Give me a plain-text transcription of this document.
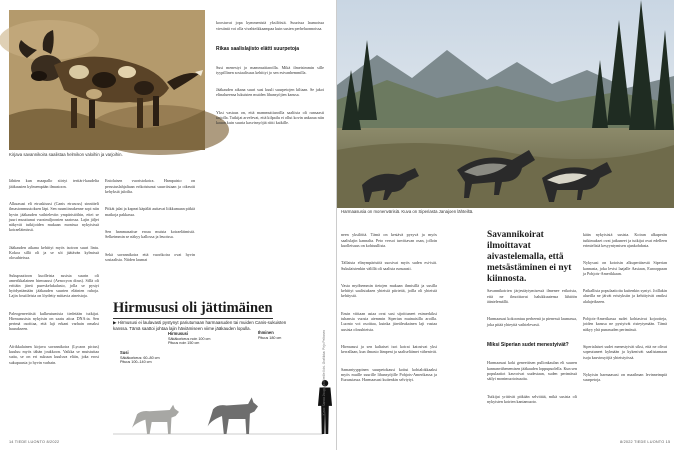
Kirjava savannikoira saalistaa helmikon valoihin ja varjoihin.

lähtien kun maapallo siirtyi tertiäri-kaudelta jääkausien kylmempään ilmastoon.

Alkuasusi eli etruskisusi (Canis etruscus) sinnitteli ilmastonmuutoksen läpi. Sen ruumiinrakenne sopi niin hyvin jääkauden vaihteleviin ympäristöihin, ettei se juuri muuttunut vuosimiljoonien saatossa. Lajin jäljet näkyvät tutkijoiden mukaan monissa nykyisissä koiraeläimissä.

Jääkauden aikana kehittyi myös isoiron suuri lintu. Kokoa sillä oli ja se söi jäätävän kylmissä olosuhteissa.

Sukupuuttoon kuolleista susista suurin oli amerikkalainen hirmususi (Aenocyon dirus). Sillä oli erittäin järeä pureskelukalusto, jolla se pystyi hyödyntämään jääkauden suurten eläinten ruhoja. Lajin fossiileista on löydetty mittavia aineistoja.

Paleogeneettisiä kulkeutumisia tiedetään tutkijat. Hirmususista nykyisin on saatu aitoa DNA:ta. Sen perimä osoittaa, että laji erkani varhain omaksi haarakseen.

Afrikkalainen kirjava savannikoira (Lycaon pictus) kuuluu myös tähän joukkoon. Vaikka se muistuttaa sutta, se on eri sukuun kuuluva eläin, joka erosi sukupuusta jo hyvin varhain.

Eniolaisen vuoristokoira. Hampaisto on perustuslahjaltaan erikoistunut suurriistaan ja oikeutti kehyksiä jaloilta.

Pitkät jalat ja kapeat käpälät auttavat liikkumaan pitkiä matkoja pakkassa.

Sen hammasaitue eroaa muista koiraeläimistä. Selkeimmin se näkyy kallossa ja leuoissa.

Sekä savannikoira että vuorikoira ovat hyvin sosiaalisia. Niiden laumat

koostuvat jopa kymmenistä yksilöistä. Suurissa laumoissa viestintä voi olla vivahteikkaampaa kuin susien perheluonnoissa.

Rikas saalislajisto elätti suurpetoja

Susi menestyi jo mammuttiaroilla. Mikä ilmeisimmin sille tyypillinen sosiaalisuus kehittyi jo sen esivanhemmilla.

Jääkauden aikana suuri susi kuuli suurpetojen kiltaan. Se jakoi elinalueensa lukuisten muiden lihansyöjien kanssa.

Yksi vastaus on, että mammuttiaroilla saaliista oli runsaasti tarjolla. Tutkijat arvelevat, että kilpailu ei ollut kovin ankaraa niin kauan kuin suuria kasvinsyöjiä riitti kaikille.

Hirmususi oli jättimäinen
▶ Hirmususi ei laulavasti pystynyt pariutumaan harmaasuden tai muiden Canis-sukuisten kanssa. Tämä saattoi johtaa lajin häviämiseen viime jääkauden lopulla.
Susi
Säkäkorkeus: 60–80 cm
Pituus 100–140 cm
Hirmususi
Säkäkorkeus noin 100 cm
Pituus noin 150 cm
Ihminen
Pituus 180 cm	Kuva: Sanna Jouppi ja Mireille Ilchi. Grafiikka: Pirjo Peltonen
14 TIEDE LUONTO 8/2022
Harmaasusia on monenvärisiä. Kuva on Siperiasta Janajoen lähteiltä.

neen yksilöitä. Tämä on kestävä pysyvä ja myös saalislajin kannalta. Peto versoi tarvittavan osan, jolloin kuolleisuus on kohtuullista.

Tällaista elinympäristöä suosivat myös suden esi-isät. Sukulaistenkin välillä oli saalista runsaasti.

Vasta myöhemmin tietojen mukaan ihmisillä ja susilla kehittyi saalistuksen yhteisiä piirteitä, joilla oli yhteistä kehitystä.

Ensin viittaan asiaa ovat susi sijoittuneet esimerkiksi tuhansia vuosia aiemmin Siperian muinaisilla aroilla. Luonto voi osoittaa, kuinka järeäleukainen laji vastaa uusista olosuhteista.

Hirmususi ja sen kaltaiset isot koirat katosivat yksi kerrallaan, kun ilmasto lämpeni ja saaliseläimet vähenivät.

Samantyyppinen suurpetokausi koitui kohtalokkaaksi myös muille suurille lihansyöjille Pohjois-Amerikassa ja Euraasiassa. Harmaasusi kuitenkin selviytyi.

Savannikoirat ilmoittavat aivastelemalla, että metsästäminen ei nyt kiinnosta.

Savannikoirien järjestäytymisessä ilmenee erikoista, että ne ilmoittavat halukkuutensa lähtöön ääntelemällä.

Harmaasusi kokoontuu perheenä ja pienessä laumassa, joka pitää yhteyttä vaihtelevasti.

Miksi Siperian sudet menestyivät?

Harmaasusi koki geneettisen pullonkaulan eli suuren kannanvähenemisen jääkauden loppupuolella. Kun sen populaatiot kasvoivat uudestaan, suden perimässä säilyi monimuotoisuutta.

Tutkijat yrittivät pitkään selvittää, mikä susista oli nykyisten koirien kantamuoto.

kään nykyisistä susista. Koiran alkuperän tutkimukset ovat jatkuneet ja tutkijat ovat edelleen erimielisiä kesyyntymisen ajankohdasta.

Nykysusi on kotoisin alkuperäisestä Siperian kannasta, joka levisi laajalle Aasiaan, Eurooppaan ja Pohjois-Amerikkaan.

Paikallisia populaatioita kuitenkin syntyi. Joillakin alueilla ne jäivät eristyksiin ja kehittyivät omiksi alalajeikseen.

Pohjois-Amerikassa sudet kohtasivat kojootteja, joiden kanssa ne pystyivät risteytymään. Tämä näkyy yhä punasuden perimässä.

Siperialaiset sudet menestyivät siksi, että ne olivat sopeutuneet kylmään ja kykenivät saalistamaan isoja kasvinsyöjiä yhteistyössä.

Nykyisin harmaasusi on maailman levinneimpiä suurpetoja.

8/2022 TIEDE LUONTO 15
